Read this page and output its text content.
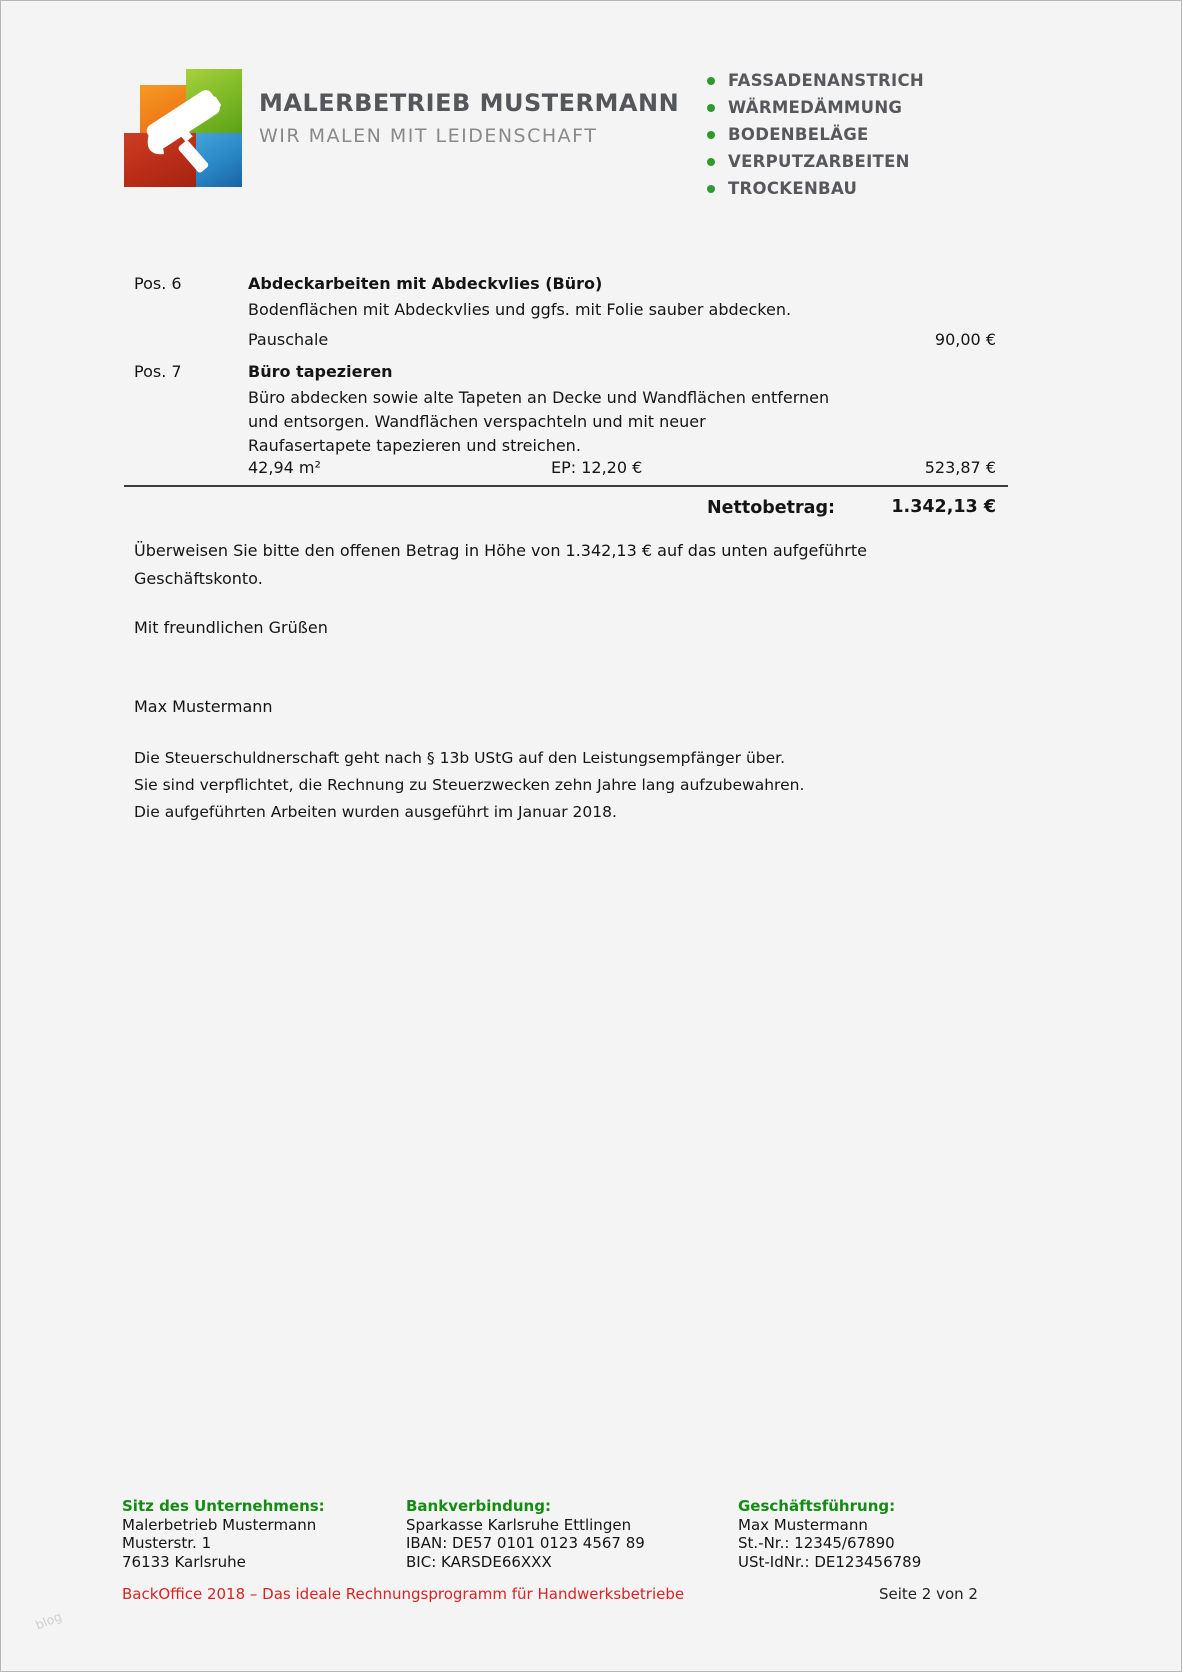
MALERBETRIEB MUSTERMANN
WIR MALEN MIT LEIDENSCHAFT
FASSADENANSTRICH
WÄRMEDÄMMUNG
BODENBELÄGE
VERPUTZARBEITEN
TROCKENBAU
Pos. 6	Abdeckarbeiten mit Abdeckvlies (Büro)
Bodenflächen mit Abdeckvlies und ggfs. mit Folie sauber abdecken.
Pauschale	90,00 €
Pos. 7	Büro tapezieren
Büro abdecken sowie alte Tapeten an Decke und Wandflächen entfernen und entsorgen. Wandflächen verspachteln und mit neuer Raufasertapete tapezieren und streichen.
42,94 m²	EP: 12,20 €	523,87 €
Nettobetrag:	1.342,13 €
Überweisen Sie bitte den offenen Betrag in Höhe von 1.342,13 € auf das unten aufgeführte Geschäftskonto.
Mit freundlichen Grüßen
Max Mustermann
Die Steuerschuldnerschaft geht nach § 13b UStG auf den Leistungsempfänger über.
Sie sind verpflichtet, die Rechnung zu Steuerzwecken zehn Jahre lang aufzubewahren.
Die aufgeführten Arbeiten wurden ausgeführt im Januar 2018.
Sitz des Unternehmens:
Malerbetrieb Mustermann
Musterstr. 1
76133 Karlsruhe
Bankverbindung:
Sparkasse Karlsruhe Ettlingen
IBAN: DE57 0101 0123 4567 89
BIC: KARSDE66XXX
Geschäftsführung:
Max Mustermann
St.-Nr.: 12345/67890
USt-IdNr.: DE123456789
BackOffice 2018 – Das ideale Rechnungsprogramm für Handwerksbetriebe	Seite 2 von 2
blog
